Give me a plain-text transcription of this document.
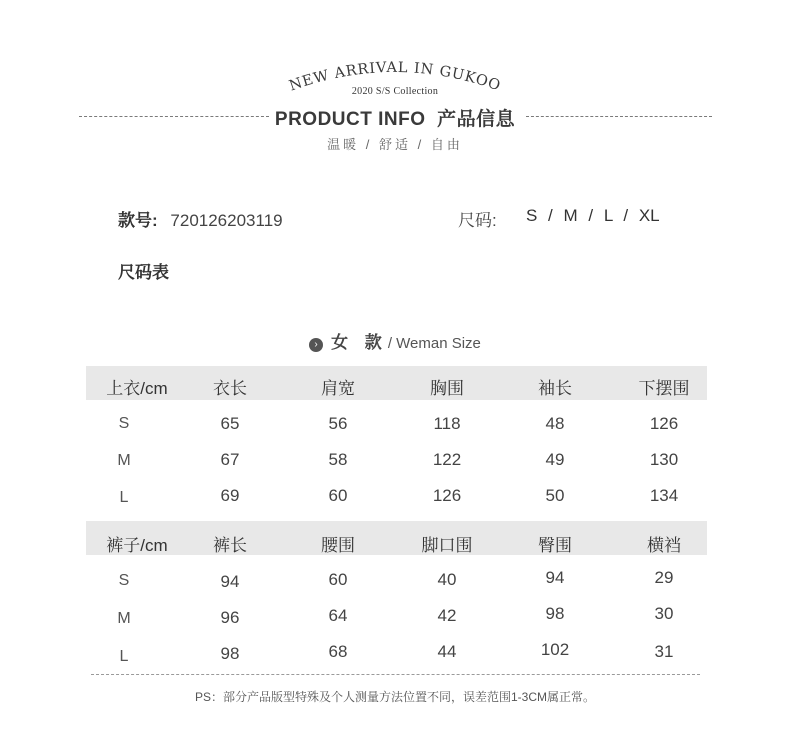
NEW ARRIVAL IN GUKOO
2020 S/S Collection
PRODUCT INFO  产品信息
温暖 / 舒适 / 自由
款号: 720126203119	尺码: S / M / L / XL
尺码表
› 女 款/ Weman Size
上衣/cm	衣长	肩宽	胸围	袖长	下摆围
S	65	56	118	48	126
M	67	58	122	49	130
L	69	60	126	50	134
裤子/cm	裤长	腰围	脚口围	臀围	横裆
S	94	60	40	94	29
M	96	64	42	98	30
L	98	68	44	102	31
PS：部分产品版型特殊及个人测量方法位置不同，误差范围1-3CM属正常。
